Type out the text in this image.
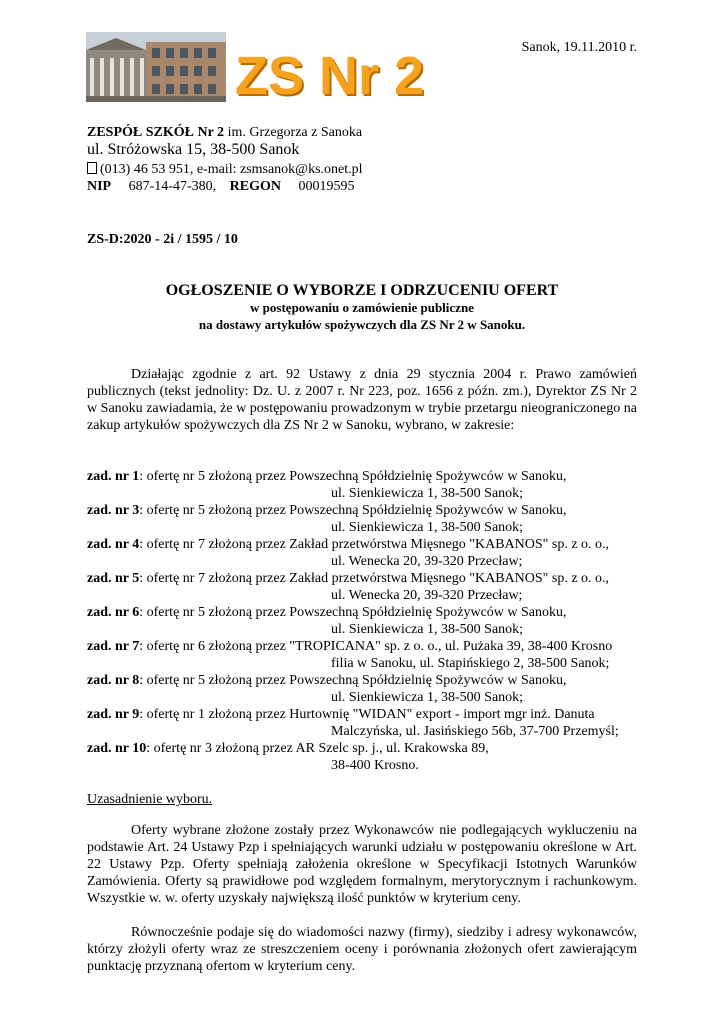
ZS Nr 2	Sanok, 19.11.2010 r.
ZESPÓŁ SZKÓŁ Nr 2 im. Grzegorza z Sanoka
ul. Stróżowska 15, 38-500 Sanok
(013) 46 53 951, e-mail: zsmsanok@ks.onet.pl
NIP 687-14-47-380, REGON 00019595
ZS-D:2020 - 2i / 1595 / 10
OGŁOSZENIE O WYBORZE I ODRZUCENIU OFERT
w postępowaniu o zamówienie publiczne
na dostawy artykułów spożywczych dla ZS Nr 2 w Sanoku.
Działając zgodnie z art. 92 Ustawy z dnia 29 stycznia 2004 r. Prawo zamówień publicznych (tekst jednolity: Dz. U. z 2007 r. Nr 223, poz. 1656 z późn. zm.), Dyrektor ZS Nr 2 w Sanoku zawiadamia, że w postępowaniu prowadzonym w trybie przetargu nieograniczonego na zakup artykułów spożywczych dla ZS Nr 2 w Sanoku, wybrano, w zakresie:
zad. nr 1: ofertę nr 5 złożoną przez Powszechną Spółdzielnię Spożywców w Sanoku,
ul. Sienkiewicza 1, 38-500 Sanok;
zad. nr 3: ofertę nr 5 złożoną przez Powszechną Spółdzielnię Spożywców w Sanoku,
ul. Sienkiewicza 1, 38-500 Sanok;
zad. nr 4: ofertę nr 7 złożoną przez Zakład przetwórstwa Mięsnego "KABANOS" sp. z o. o.,
ul. Wenecka 20, 39-320 Przecław;
zad. nr 5: ofertę nr 7 złożoną przez Zakład przetwórstwa Mięsnego "KABANOS" sp. z o. o.,
ul. Wenecka 20, 39-320 Przecław;
zad. nr 6: ofertę nr 5 złożoną przez Powszechną Spółdzielnię Spożywców w Sanoku,
ul. Sienkiewicza 1, 38-500 Sanok;
zad. nr 7: ofertę nr 6 złożoną przez "TROPICANA" sp. z o. o., ul. Pużaka 39, 38-400 Krosno
filia w Sanoku, ul. Stapińskiego 2, 38-500 Sanok;
zad. nr 8: ofertę nr 5 złożoną przez Powszechną Spółdzielnię Spożywców w Sanoku,
ul. Sienkiewicza 1, 38-500 Sanok;
zad. nr 9: ofertę nr 1 złożoną przez Hurtownię "WIDAN" export - import mgr inż. Danuta
Malczyńska, ul. Jasińskiego 56b, 37-700 Przemyśl;
zad. nr 10: ofertę nr 3 złożoną przez AR Szelc sp. j., ul. Krakowska 89,
38-400 Krosno.
Uzasadnienie wyboru.
Oferty wybrane złożone zostały przez Wykonawców nie podlegających wykluczeniu na podstawie Art. 24 Ustawy Pzp i spełniających warunki udziału w postępowaniu określone w Art. 22 Ustawy Pzp. Oferty spełniają założenia określone w Specyfikacji Istotnych Warunków Zamówienia. Oferty są prawidłowe pod względem formalnym, merytorycznym i rachunkowym. Wszystkie w. w. oferty uzyskały największą ilość punktów w kryterium ceny.
Równocześnie podaje się do wiadomości nazwy (firmy), siedziby i adresy wykonawców, którzy złożyli oferty wraz ze streszczeniem oceny i porównania złożonych ofert zawierającym punktację przyznaną ofertom w kryterium ceny.
